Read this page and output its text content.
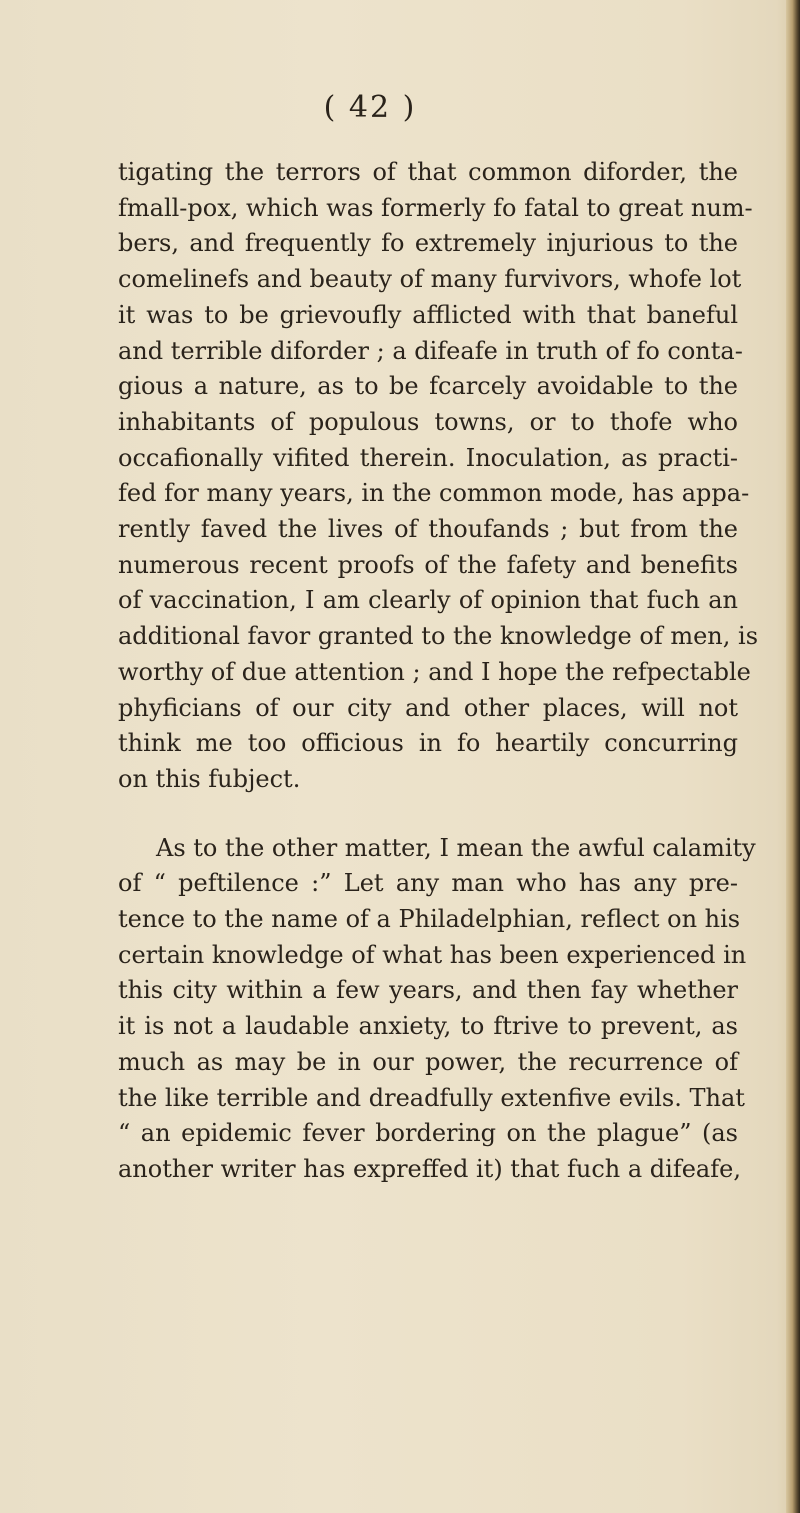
( 42 )
tigating the terrors of that common diforder, the
fmall-pox, which was formerly fo fatal to great num-
bers, and frequently fo extremely injurious to the
comelinefs and beauty of many furvivors, whofe lot
it was to be grievoufly afflicted with that baneful
and terrible diforder ; a difeafe in truth of fo conta-
gious a nature, as to be fcarcely avoidable to the
inhabitants of populous towns, or to thofe who
occafionally vifited therein. Inoculation, as practi-
fed for many years, in the common mode, has appa-
rently faved the lives of thoufands ; but from the
numerous recent proofs of the fafety and benefits
of vaccination, I am clearly of opinion that fuch an
additional favor granted to the knowledge of men, is
worthy of due attention ; and I hope the refpectable
phyficians of our city and other places, will not
think me too officious in fo heartily concurring
on this fubject.
As to the other matter, I mean the awful calamity
of “ peftilence :” Let any man who has any pre-
tence to the name of a Philadelphian, reflect on his
certain knowledge of what has been experienced in
this city within a few years, and then fay whether
it is not a laudable anxiety, to ftrive to prevent, as
much as may be in our power, the recurrence of
the like terrible and dreadfully extenfive evils. That
“ an epidemic fever bordering on the plague” (as
another writer has expreffed it) that fuch a difeafe,
